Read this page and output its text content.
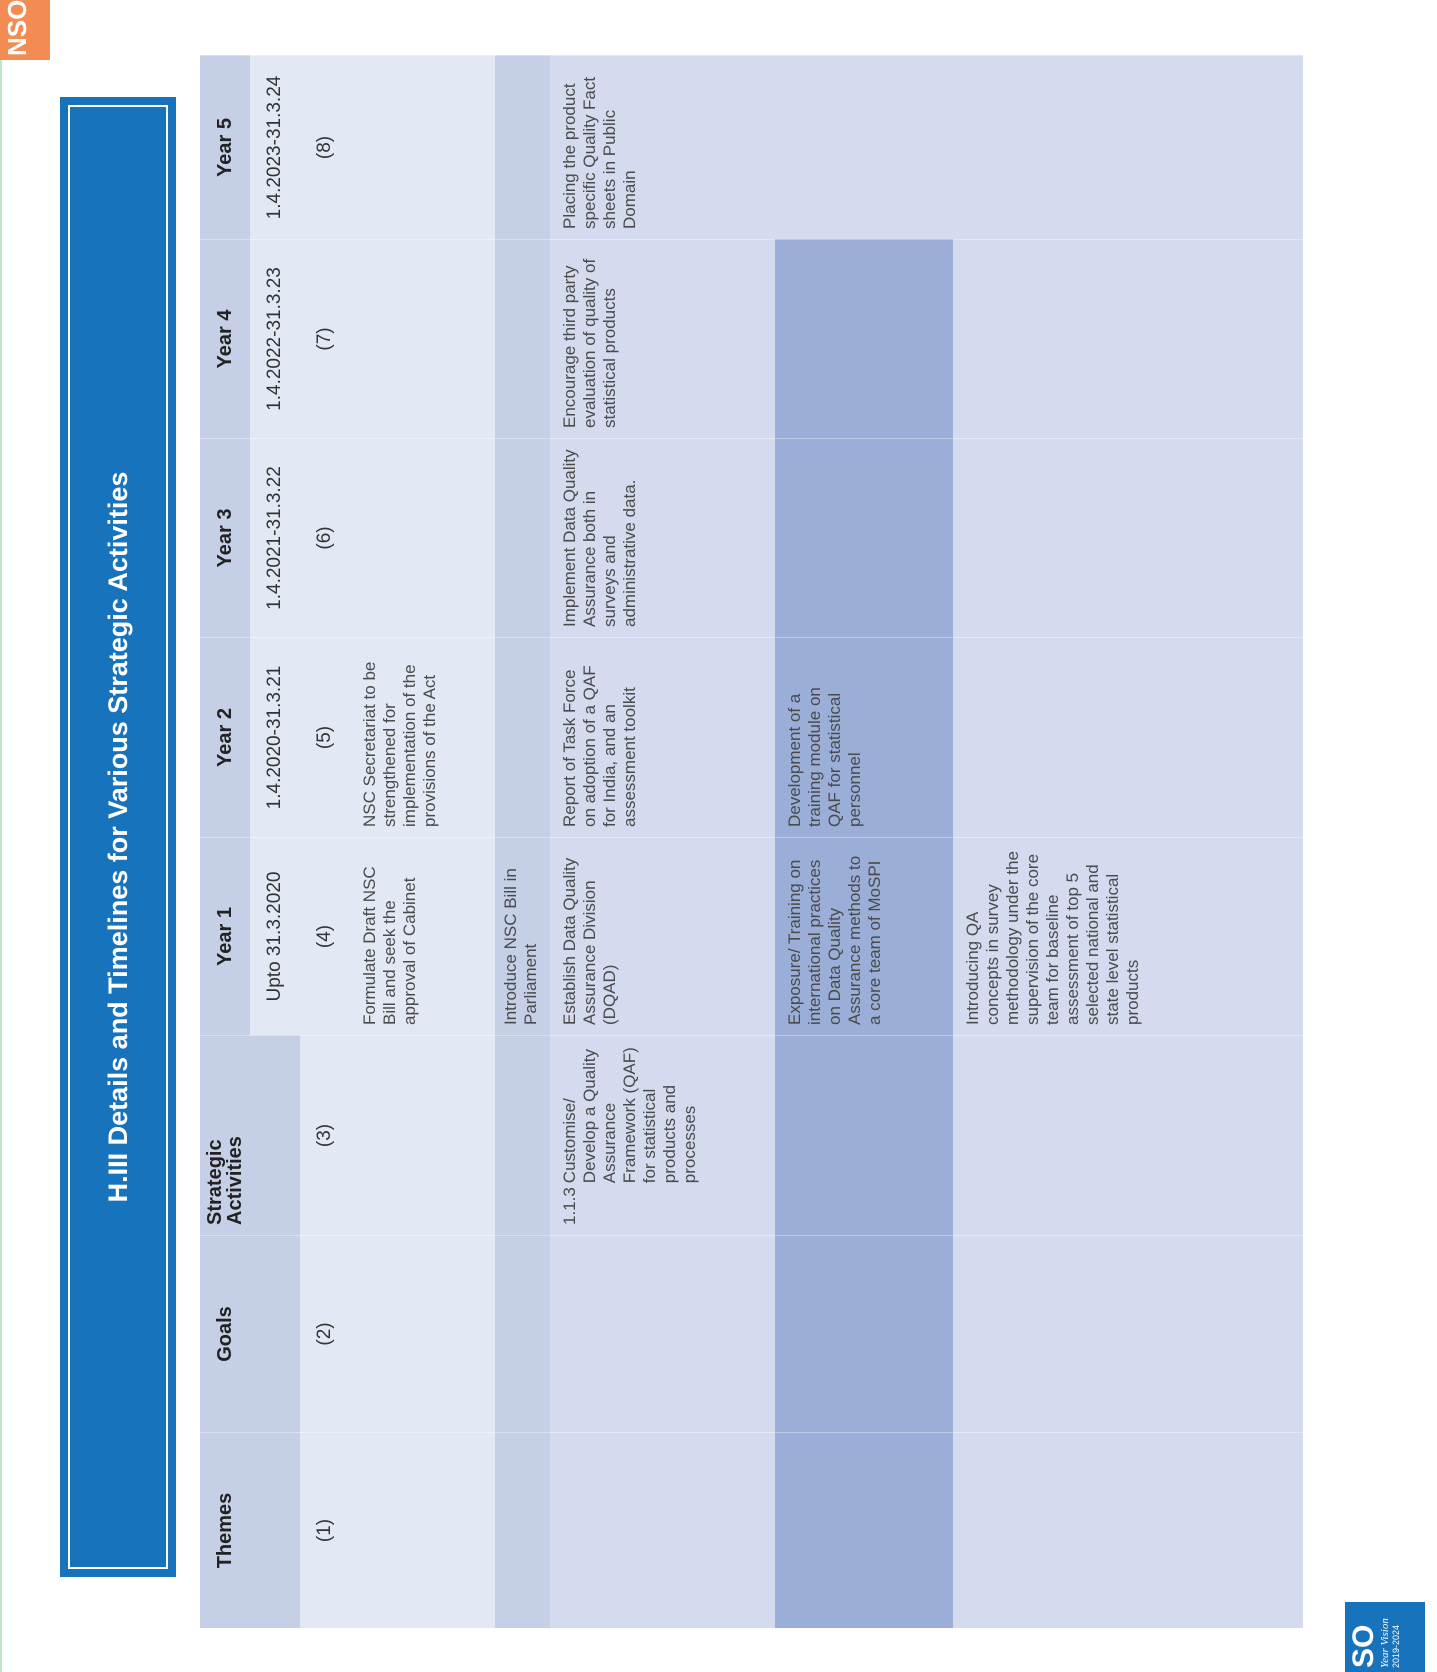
H.III Details and Timelines for Various Strategic Activities
Themes
Goals
Strategic Activities
Year 1
Year 2
Year 3
Year 4
Year 5
Upto 31.3.2020
1.4.2020-31.3.21
1.4.2021-31.3.22
1.4.2022-31.3.23
1.4.2023-31.3.24
(1)
(2)
(3)
(4)
(5)
(6)
(7)
(8)
Formulate Draft NSC Bill and seek the approval of Cabinet
NSC Secretariat to be strengthened for implementation of the provisions of the Act
Introduce NSC Bill in Parliament
1.1.3
Customise/ Develop a Quality Assurance Framework (QAF) for statistical products and processes
Establish Data Quality Assurance Division (DQAD)
Report of Task Force on adoption of a QAF for India, and an assessment toolkit
Implement Data Quality Assurance both in surveys and administrative data.
Encourage third party evaluation of quality of statistical products
Placing the product specific Quality Fact sheets in Public Domain
Exposure/ Training on international practices on Data Quality Assurance methods to a core team of MoSPI
Development of a training module on QAF for statistical personnel
Introducing QA concepts in survey methodology under the supervision of the core team for baseline assessment of top 5 selected national and state level statistical products
SO Year Vision 2019-2024
NSO
